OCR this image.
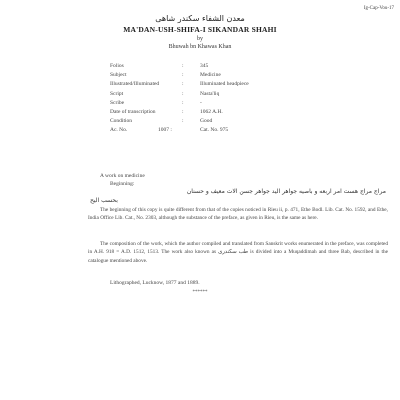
Ig-Cap-Vou-17
معدن الشفاء سکندر شاهی
MA'DAN-USH-SHIFA-I SIKANDAR SHAHI
by
Bhuwah bn Khawas Khan
Folios	:	345
Subject	:	Medicine
Illustrated/Illuminated	:	Illuminated headpiece
Script	:	Nasta'liq
Scribe	:	-
Date of transcription	:	1062 A.H.
Condition	:	Good
Ac. No.	1007 :	Cat. No. 975
A work on medicine
Beginning:
مراج مراج هست امر اربعه و باصیه جواهر الید جواهر جسن الات معیف و حسنان
بحسب الیح
The beginning of this copy is quite different from that of the copies noticed in Rieu ii, p. 471, Ethe Bodl. Lib. Cat. No. 1592, and Ethe, India Office Lib. Cat., No. 2303, although the substance of the preface, as given in Rieu, is the same as here.
The composition of the work, which the author compiled and translated from Sanskrit works enumerated in the preface, was completed in A.H. 918 = A.D. 1512, 1513. The work also known as طب سکندری is divided into a Muqaddimah and three Bab, described in the catalogue mentioned above.
Lithographed, Lucknow, 1877 and 1889.
******
